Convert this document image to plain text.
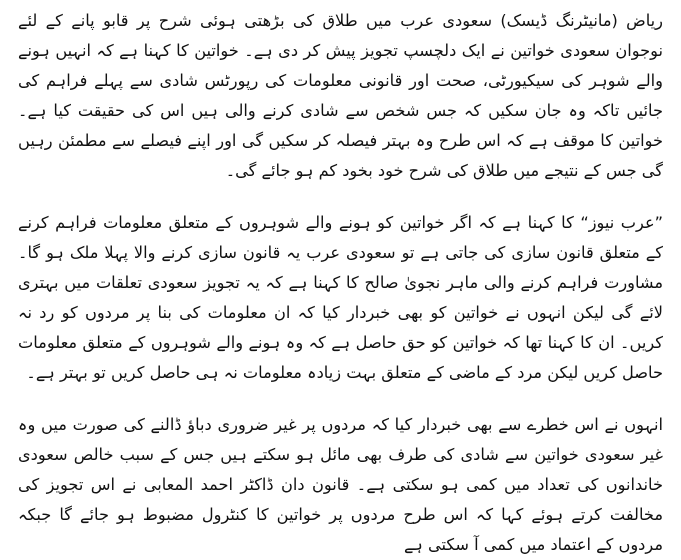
ریاض (مانیٹرنگ ڈیسک) سعودی عرب میں طلاق کی بڑھتی ہوئی شرح پر قابو پانے کے لئے نوجوان سعودی خواتین نے ایک دلچسپ تجویز پیش کر دی ہے۔ خواتین کا کہنا ہے کہ انہیں ہونے والے شوہر کی سیکیورٹی، صحت اور قانونی معلومات کی رپورٹس شادی سے پہلے فراہم کی جائیں تاکہ وہ جان سکیں کہ جس شخص سے شادی کرنے والی ہیں اس کی حقیقت کیا ہے۔ خواتین کا موقف ہے کہ اس طرح وہ بہتر فیصلہ کر سکیں گی اور اپنے فیصلے سے مطمئن رہیں گی جس کے نتیجے میں طلاق کی شرح خود بخود کم ہو جائے گی۔

”عرب نیوز“ کا کہنا ہے کہ اگر خواتین کو ہونے والے شوہروں کے متعلق معلومات فراہم کرنے کے متعلق قانون سازی کی جاتی ہے تو سعودی عرب یہ قانون سازی کرنے والا پہلا ملک ہو گا۔ مشاورت فراہم کرنے والی ماہر نجویٰ صالح کا کہنا ہے کہ یہ تجویز سعودی تعلقات میں بہتری لائے گی لیکن انہوں نے خواتین کو بھی خبردار کیا کہ ان معلومات کی بنا پر مردوں کو رد نہ کریں۔ ان کا کہنا تھا کہ خواتین کو حق حاصل ہے کہ وہ ہونے والے شوہروں کے متعلق معلومات حاصل کریں لیکن مرد کے ماضی کے متعلق بہت زیادہ معلومات نہ ہی حاصل کریں تو بہتر ہے۔

انہوں نے اس خطرے سے بھی خبردار کیا کہ مردوں پر غیر ضروری دباؤ ڈالنے کی صورت میں وہ غیر سعودی خواتین سے شادی کی طرف بھی مائل ہو سکتے ہیں جس کے سبب خالص سعودی خاندانوں کی تعداد میں کمی ہو سکتی ہے۔ قانون دان ڈاکٹر احمد المعابی نے اس تجویز کی مخالفت کرتے ہوئے کہا کہ اس طرح مردوں پر خواتین کا کنٹرول مضبوط ہو جائے گا جبکہ مردوں کے اعتماد میں کمی آ سکتی ہے
